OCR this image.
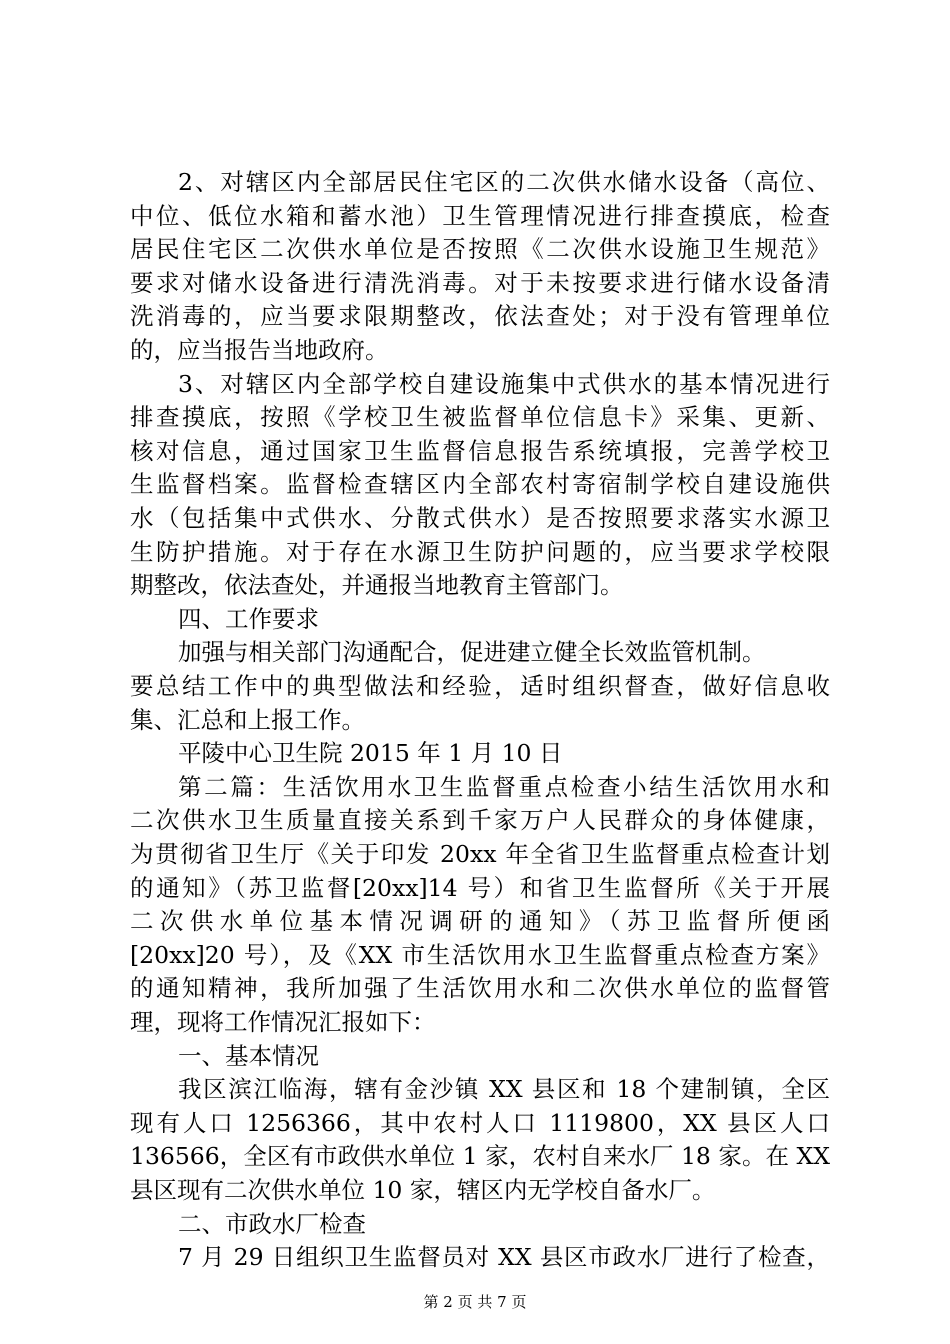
2、对辖区内全部居民住宅区的二次供水储水设备（高位、
中位、低位水箱和蓄水池）卫生管理情况进行排查摸底，检查
居民住宅区二次供水单位是否按照《二次供水设施卫生规范》
要求对储水设备进行清洗消毒。对于未按要求进行储水设备清
洗消毒的，应当要求限期整改，依法查处；对于没有管理单位
的，应当报告当地政府。
3、对辖区内全部学校自建设施集中式供水的基本情况进行
排查摸底，按照《学校卫生被监督单位信息卡》采集、更新、
核对信息，通过国家卫生监督信息报告系统填报，完善学校卫
生监督档案。监督检查辖区内全部农村寄宿制学校自建设施供
水（包括集中式供水、分散式供水）是否按照要求落实水源卫
生防护措施。对于存在水源卫生防护问题的，应当要求学校限
期整改，依法查处，并通报当地教育主管部门。
四、工作要求
加强与相关部门沟通配合，促进建立健全长效监管机制。
要总结工作中的典型做法和经验，适时组织督查，做好信息收
集、汇总和上报工作。
平陵中心卫生院 2015 年 1 月 10 日
第二篇：生活饮用水卫生监督重点检查小结生活饮用水和
二次供水卫生质量直接关系到千家万户人民群众的身体健康，
为贯彻省卫生厅《关于印发 20xx 年全省卫生监督重点检查计划
的通知》（苏卫监督[20xx]14 号）和省卫生监督所《关于开展
二次供水单位基本情况调研的通知》（苏卫监督所便函
[20xx]20 号），及《XX 市生活饮用水卫生监督重点检查方案》
的通知精神，我所加强了生活饮用水和二次供水单位的监督管
理，现将工作情况汇报如下：
一、基本情况
我区滨江临海，辖有金沙镇 XX 县区和 18 个建制镇，全区
现有人口 1256366，其中农村人口 1119800，XX 县区人口
136566，全区有市政供水单位 1 家，农村自来水厂 18 家。在 XX
县区现有二次供水单位 10 家，辖区内无学校自备水厂。
第 2 页 共 7 页
二、市政水厂检查
7 月 29 日组织卫生监督员对 XX 县区市政水厂进行了检查，
